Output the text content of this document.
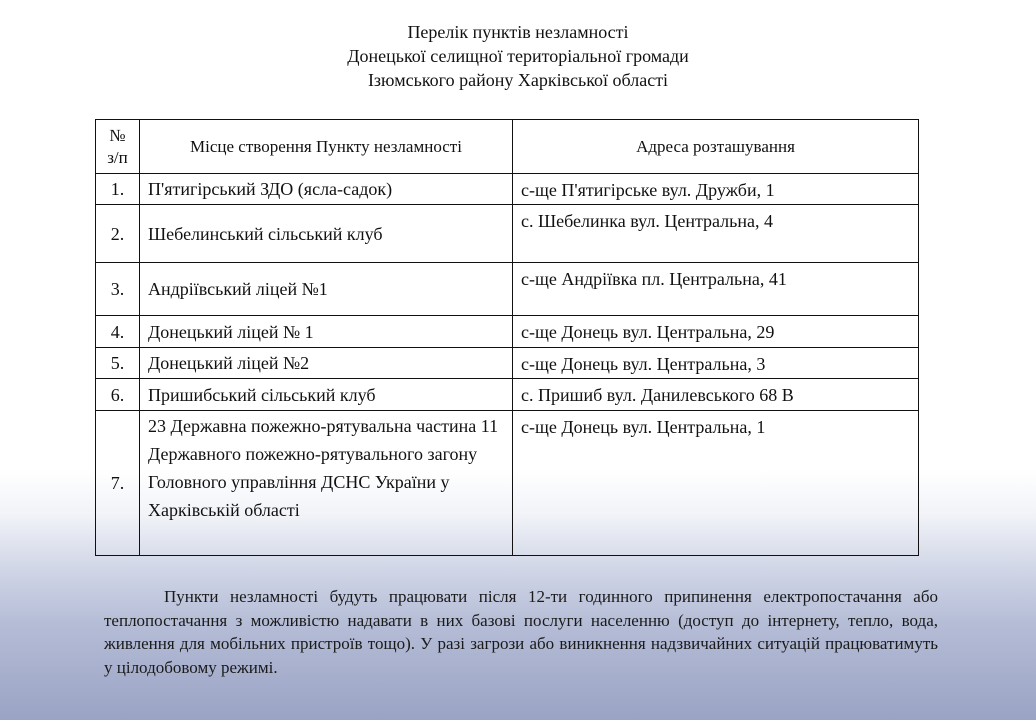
Перелік пунктів незламності
Донецької селищної територіальної громади
Ізюмського району Харківської області
№ з/п	Місце створення Пункту незламності	Адреса розташування
1.	П'ятигірський ЗДО (ясла-садок)	с-ще П'ятигірське вул. Дружби, 1
2.	Шебелинський сільський клуб	с. Шебелинка вул. Центральна, 4
3.	Андріївський ліцей №1	с-ще Андріївка пл. Центральна, 41
4.	Донецький ліцей № 1	с-ще Донець вул. Центральна, 29
5.	Донецький ліцей №2	с-ще Донець вул. Центральна, 3
6.	Пришибський сільський клуб	с. Пришиб вул. Данилевського 68 В
7.	23 Державна пожежно-рятувальна частина 11 Державного пожежно-рятувального загону Головного управління ДСНС України у Харківській області	с-ще Донець вул. Центральна, 1

Пункти незламності будуть працювати після 12-ти годинного припинення електропостачання або теплопостачання з можливістю надавати в них базові послуги населенню (доступ до інтернету, тепло, вода, живлення для мобільних пристроїв тощо). У разі загрози або виникнення надзвичайних ситуацій працюватимуть у цілодобовому режимі.
